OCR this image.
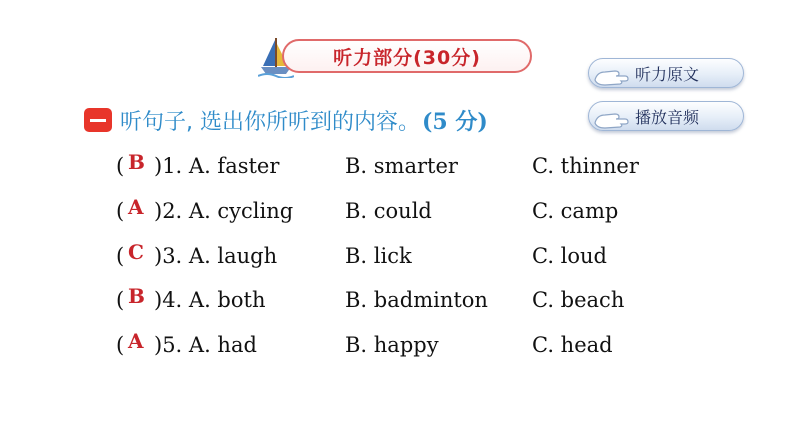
听力部分(30分)
听力原文
播放音频
听句子, 选出你所听到的内容。 (5 分)
( B )1. A. faster	B. smarter	C. thinner
( A )2. A. cycling B. could	C. camp
( C )3. A. laugh	B. lick	C. loud
( B )4. A. both	B. badminton C. beach
( A )5. A. had	B. happy	C. head
